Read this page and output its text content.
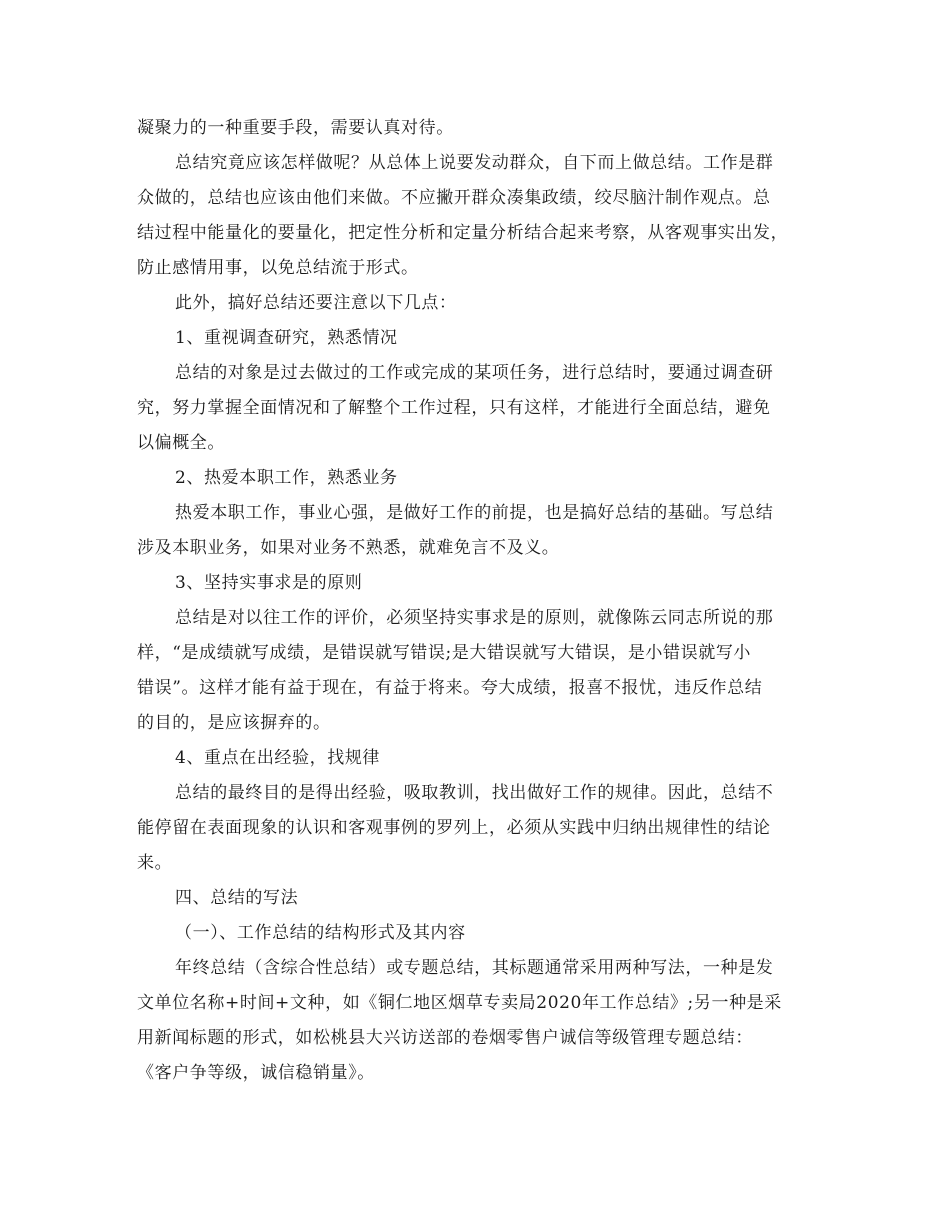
凝聚力的一种重要手段，需要认真对待。
总结究竟应该怎样做呢？从总体上说要发动群众，自下而上做总结。工作是群
众做的，总结也应该由他们来做。不应撇开群众凑集政绩，绞尽脑汁制作观点。总
结过程中能量化的要量化，把定性分析和定量分析结合起来考察，从客观事实出发，
防止感情用事，以免总结流于形式。
此外，搞好总结还要注意以下几点：
1、重视调查研究，熟悉情况
总结的对象是过去做过的工作或完成的某项任务，进行总结时，要通过调查研
究，努力掌握全面情况和了解整个工作过程，只有这样，才能进行全面总结，避免
以偏概全。
2、热爱本职工作，熟悉业务
热爱本职工作，事业心强，是做好工作的前提，也是搞好总结的基础。写总结
涉及本职业务，如果对业务不熟悉，就难免言不及义。
3、坚持实事求是的原则
总结是对以往工作的评价，必须坚持实事求是的原则，就像陈云同志所说的那
样，“是成绩就写成绩，是错误就写错误;是大错误就写大错误，是小错误就写小
错误”。这样才能有益于现在，有益于将来。夸大成绩，报喜不报忧，违反作总结
的目的，是应该摒弃的。
4、重点在出经验，找规律
总结的最终目的是得出经验，吸取教训，找出做好工作的规律。因此，总结不
能停留在表面现象的认识和客观事例的罗列上，必须从实践中归纳出规律性的结论
来。
四、总结的写法
（一）、工作总结的结构形式及其内容
年终总结（含综合性总结）或专题总结，其标题通常采用两种写法，一种是发
文单位名称+时间+文种，如《铜仁地区烟草专卖局2020年工作总结》;另一种是采
用新闻标题的形式，如松桃县大兴访送部的卷烟零售户诚信等级管理专题总结：
《客户争等级，诚信稳销量》。
